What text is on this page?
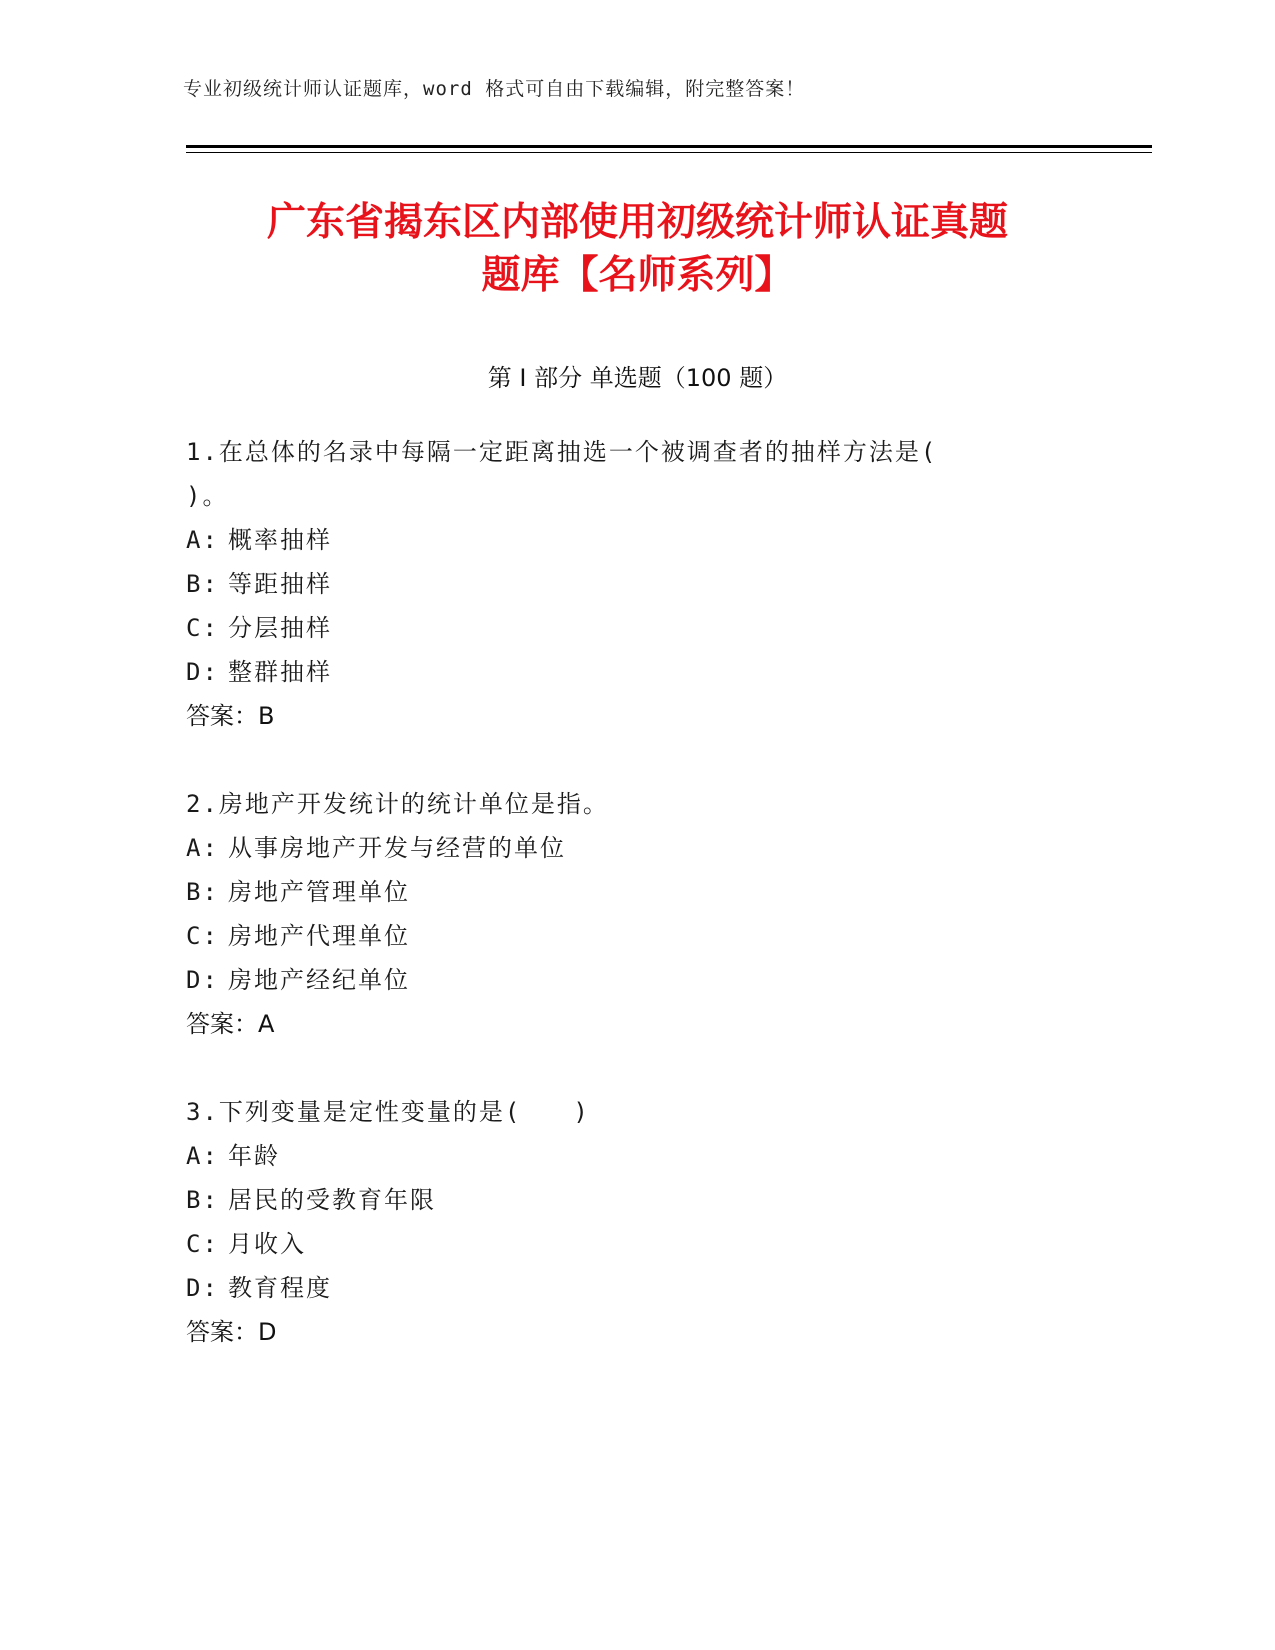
专业初级统计师认证题库，word 格式可自由下载编辑，附完整答案！
广东省揭东区内部使用初级统计师认证真题
题库【名师系列】
第 I 部分 单选题（100 题）
1.在总体的名录中每隔一定距离抽选一个被调查者的抽样方法是(
)。
A: 概率抽样
B: 等距抽样
C: 分层抽样
D: 整群抽样
答案：B
2.房地产开发统计的统计单位是指。
A: 从事房地产开发与经营的单位
B: 房地产管理单位
C: 房地产代理单位
D: 房地产经纪单位
答案：A
3.下列变量是定性变量的是(　　)
A: 年龄
B: 居民的受教育年限
C: 月收入
D: 教育程度
答案：D
